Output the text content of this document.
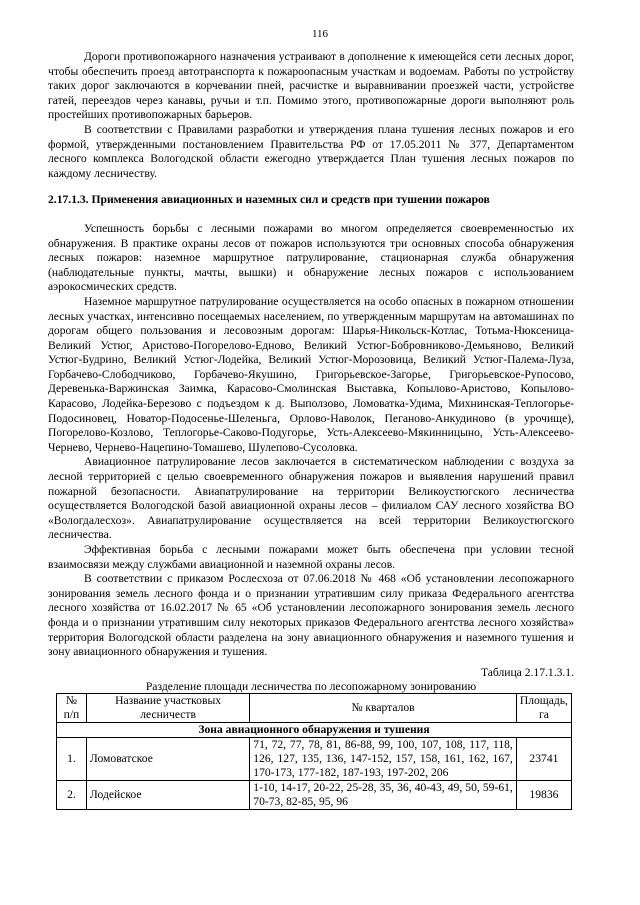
116

Дороги противопожарного назначения устраивают в дополнение к имеющейся сети лесных дорог, чтобы обеспечить проезд автотранспорта к пожароопасным участкам и водоемам. Работы по устройству таких дорог заключаются в корчевании пней, расчистке и выравнивании проезжей части, устройстве гатей, переездов через канавы, ручьи и т.п. Помимо этого, противопожарные дороги выполняют роль простейших противопожарных барьеров.

В соответствии с Правилами разработки и утверждения плана тушения лесных пожаров и его формой, утвержденными постановлением Правительства РФ от 17.05.2011 № 377, Департаментом лесного комплекса Вологодской области ежегодно утверждается План тушения лесных пожаров по каждому лесничеству.

2.17.1.3. Применения авиационных и наземных сил и средств при тушении пожаров

Успешность борьбы с лесными пожарами во многом определяется своевременностью их обнаружения. В практике охраны лесов от пожаров используются три основных способа обнаружения лесных пожаров: наземное маршрутное патрулирование, стационарная служба обнаружения (наблюдательные пункты, мачты, вышки) и обнаружение лесных пожаров с использованием аэрокосмических средств.

Наземное маршрутное патрулирование осуществляется на особо опасных в пожарном отношении лесных участках, интенсивно посещаемых населением, по утвержденным маршрутам на автомашинах по дорогам общего пользования и лесовозным дорогам: Шарья-Никольск-Котлас, Тотьма-Нюксеница-Великий Устюг, Аристово-Погорелово-Едново, Великий Устюг-Бобровниково-Демьяново, Великий Устюг-Будрино, Великий Устюг-Лодейка, Великий Устюг-Морозовица, Великий Устюг-Палема-Луза, Горбачево-Слободчиково, Горбачево-Якушино, Григорьевское-Загорье, Григорьевское-Рупосово, Деревенька-Варжинская Заимка, Карасово-Смолинская Выставка, Копылово-Аристово, Копылово-Карасово, Лодейка-Березово с подъездом к д. Выползово, Ломоватка-Удима, Михнинская-Теплогорье-Подосиновец, Новатор-Подосенье-Шеленьга, Орлово-Наволок, Пеганово-Анкудиново (в урочище), Погорелово-Козлово, Теплогорье-Саково-Подугорье, Усть-Алексеево-Мякинницыно, Усть-Алексеево-Чернево, Чернево-Нацепино-Томашево, Шулепово-Сусоловка.

Авиационное патрулирование лесов заключается в систематическом наблюдении с воздуха за лесной территорией с целью своевременного обнаружения пожаров и выявления нарушений правил пожарной безопасности. Авиапатрулирование на территории Великоустюгского лесничества осуществляется Вологодской базой авиационной охраны лесов – филиалом САУ лесного хозяйства ВО «Вологдалесхоз». Авиапатрулирование осуществляется на всей территории Великоустюгского лесничества.

Эффективная борьба с лесными пожарами может быть обеспечена при условии тесной взаимосвязи между службами авиационной и наземной охраны лесов.

В соответствии с приказом Рослесхоза от 07.06.2018 № 468 «Об установлении лесопожарного зонирования земель лесного фонда и о признании утратившим силу приказа Федерального агентства лесного хозяйства от 16.02.2017 № 65 «Об установлении лесопожарного зонирования земель лесного фонда и о признании утратившим силу некоторых приказов Федерального агентства лесного хозяйства» территория Вологодской области разделена на зону авиационного обнаружения и наземного тушения и зону авиационного обнаружения и тушения.

Таблица 2.17.1.3.1.
Разделение площади лесничества по лесопожарному зонированию
№ п/п	Название участковых лесничеств	№ кварталов	Площадь, га
Зона авиационного обнаружения и тушения			
1.	Ломоватское	71, 72, 77, 78, 81, 86-88, 99, 100, 107, 108, 117, 118, 126, 127, 135, 136, 147-152, 157, 158, 161, 162, 167, 170-173, 177-182, 187-193, 197-202, 206	23741
2.	Лодейское	1-10, 14-17, 20-22, 25-28, 35, 36, 40-43, 49, 50, 59-61, 70-73, 82-85, 95, 96	19836
